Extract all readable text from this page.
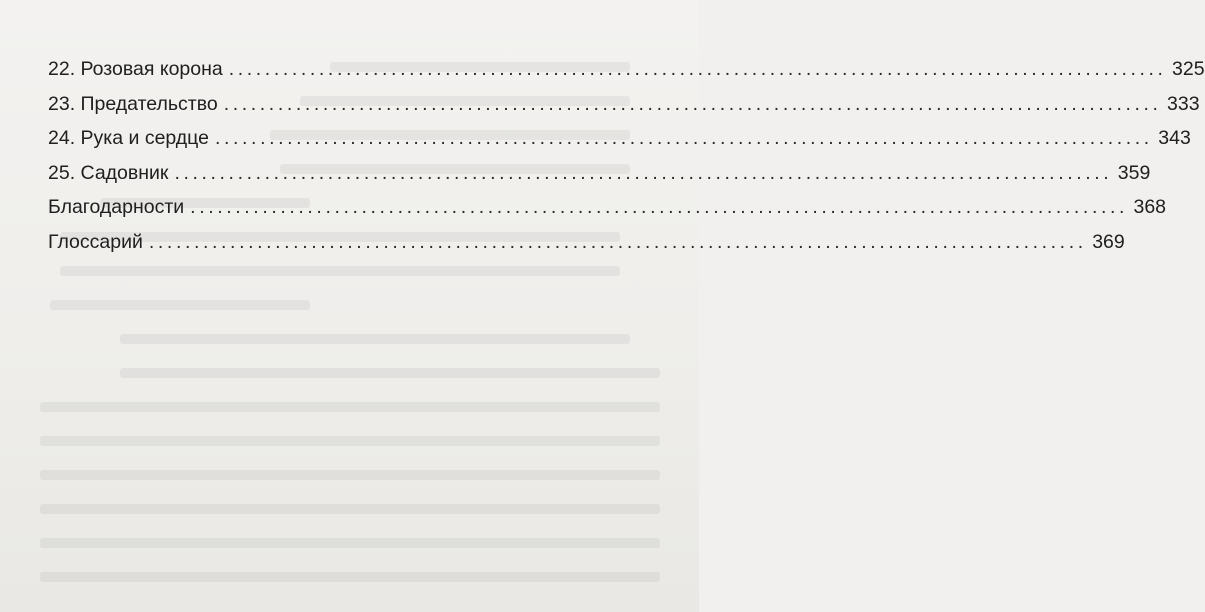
22. Розовая корона ........................................................................................................ 325
23. Предательство ........................................................................................................ 333
24. Рука и сердце ........................................................................................................ 343
25. Садовник ........................................................................................................ 359
Благодарности ........................................................................................................ 368
Глоссарий ........................................................................................................ 369
